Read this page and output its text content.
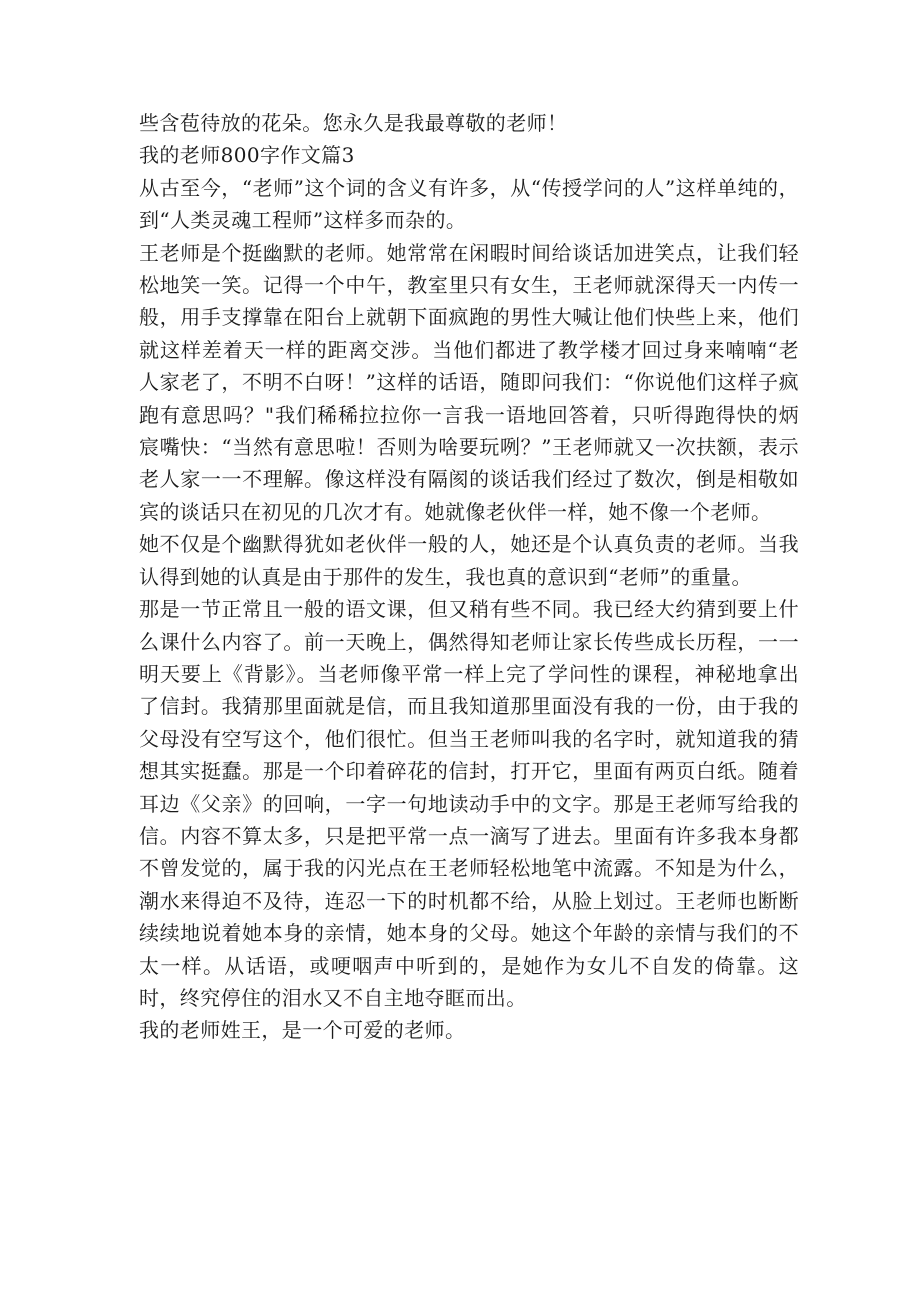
些含苞待放的花朵。您永久是我最尊敬的老师！

我的老师800字作文篇3

从古至今，“老师”这个词的含义有许多，从“传授学问的人”这样单纯的，到“人类灵魂工程师”这样多而杂的。

王老师是个挺幽默的老师。她常常在闲暇时间给谈话加进笑点，让我们轻松地笑一笑。记得一个中午，教室里只有女生，王老师就深得天一内传一般，用手支撑靠在阳台上就朝下面疯跑的男性大喊让他们快些上来，他们就这样差着天一样的距离交涉。当他们都进了教学楼才回过身来喃喃“老人家老了，不明不白呀！”这样的话语，随即问我们：“你说他们这样子疯跑有意思吗？"我们稀稀拉拉你一言我一语地回答着，只听得跑得快的炳宸嘴快：“当然有意思啦！否则为啥要玩咧？”王老师就又一次扶额，表示老人家一一不理解。像这样没有隔阂的谈话我们经过了数次，倒是相敬如宾的谈话只在初见的几次才有。她就像老伙伴一样，她不像一个老师。

她不仅是个幽默得犹如老伙伴一般的人，她还是个认真负责的老师。当我认得到她的认真是由于那件的发生，我也真的意识到“老师”的重量。

那是一节正常且一般的语文课，但又稍有些不同。我已经大约猜到要上什么课什么内容了。前一天晚上，偶然得知老师让家长传些成长历程，一一明天要上《背影》。当老师像平常一样上完了学问性的课程，神秘地拿出了信封。我猜那里面就是信，而且我知道那里面没有我的一份，由于我的父母没有空写这个，他们很忙。但当王老师叫我的名字时，就知道我的猜想其实挺蠢。那是一个印着碎花的信封，打开它，里面有两页白纸。随着耳边《父亲》的回响，一字一句地读动手中的文字。那是王老师写给我的信。内容不算太多，只是把平常一点一滴写了进去。里面有许多我本身都不曾发觉的，属于我的闪光点在王老师轻松地笔中流露。不知是为什么，潮水来得迫不及待，连忍一下的时机都不给，从脸上划过。王老师也断断续续地说着她本身的亲情，她本身的父母。她这个年龄的亲情与我们的不太一样。从话语，或哽咽声中听到的，是她作为女儿不自发的倚靠。这时，终究停住的泪水又不自主地夺眶而出。

我的老师姓王，是一个可爱的老师。
